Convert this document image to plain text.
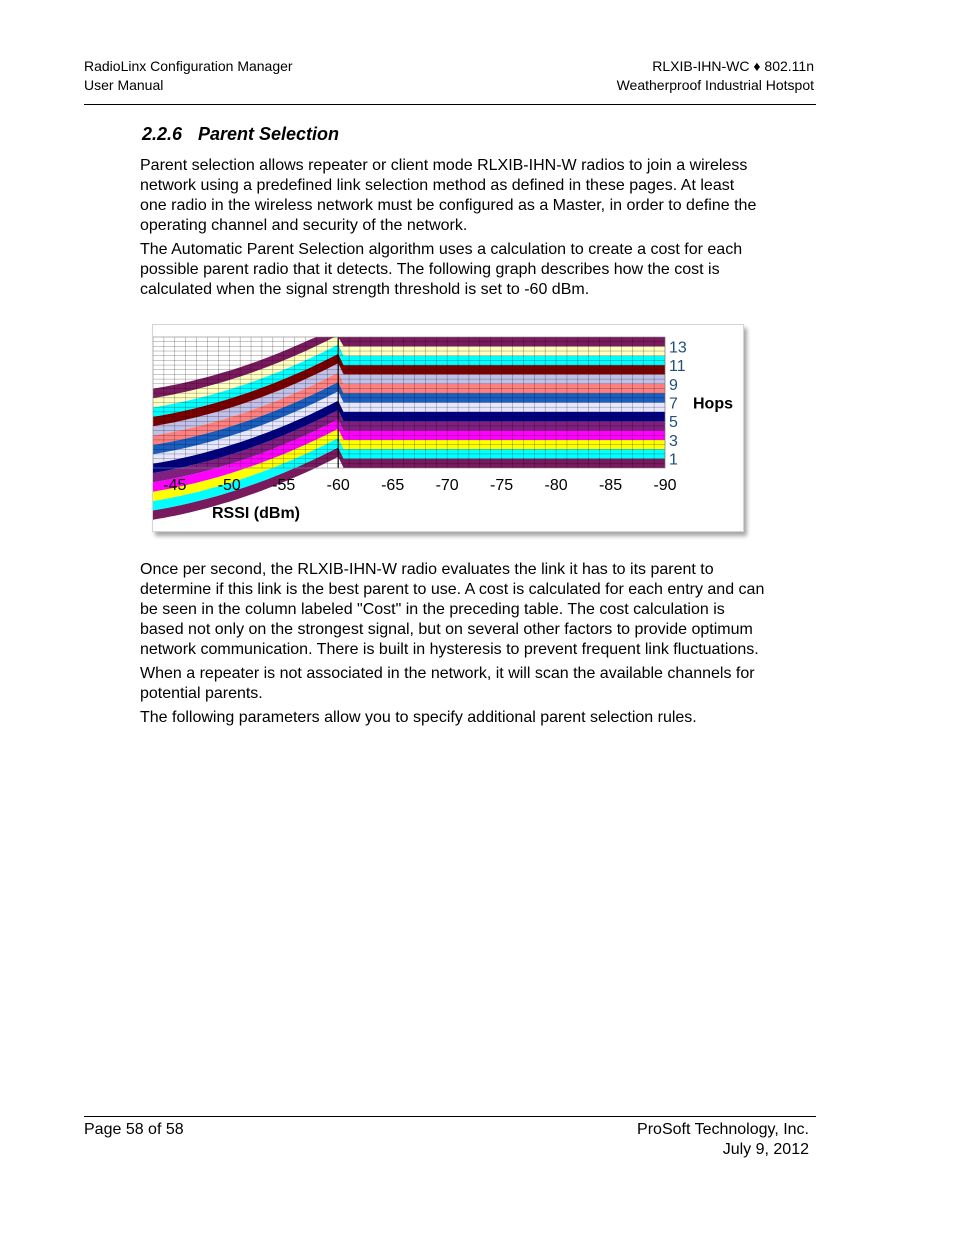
RadioLinx Configuration Manager
User Manual
RLXIB-IHN-WC ♦ 802.11n
Weatherproof Industrial Hotspot
2.2.6 Parent Selection

Parent selection allows repeater or client mode RLXIB-IHN-W radios to join a wireless network using a predefined link selection method as defined in these pages. At least one radio in the wireless network must be configured as a Master, in order to define the operating channel and security of the network.

The Automatic Parent Selection algorithm uses a calculation to create a cost for each possible parent radio that it detects. The following graph describes how the cost is calculated when the signal strength threshold is set to -60 dBm.

-45 -50 -55 -60 -65 -70 -75 -80 -85 -90
13
11
9
7
5
3
1
RSSI (dBm)
Hops

Once per second, the RLXIB-IHN-W radio evaluates the link it has to its parent to determine if this link is the best parent to use. A cost is calculated for each entry and can be seen in the column labeled "Cost" in the preceding table. The cost calculation is based not only on the strongest signal, but on several other factors to provide optimum network communication. There is built in hysteresis to prevent frequent link fluctuations.

When a repeater is not associated in the network, it will scan the available channels for potential parents.

The following parameters allow you to specify additional parent selection rules.

Page 58 of 58	ProSoft Technology, Inc.
July 9, 2012
